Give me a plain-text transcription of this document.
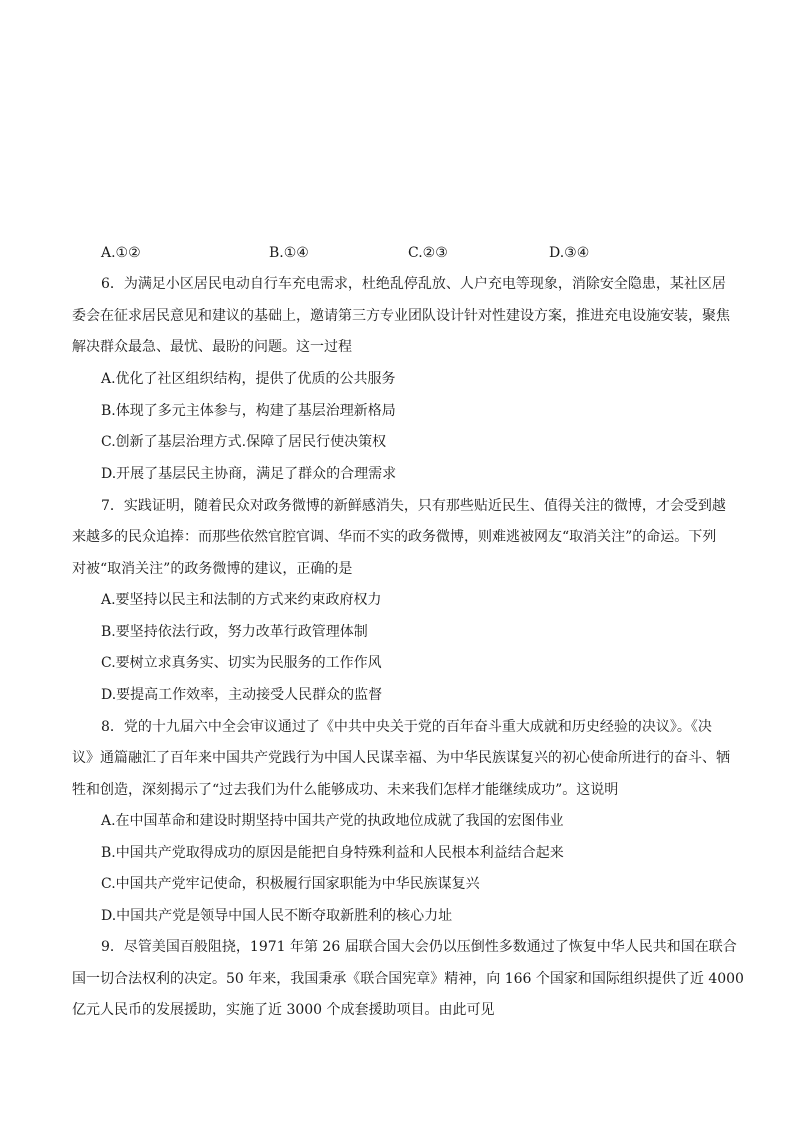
A.①②	B.①④	C.②③	D.③④
6．为满足小区居民电动自行车充电需求，杜绝乱停乱放、人户充电等现象，消除安全隐患，某社区居
委会在征求居民意见和建议的基础上，邀请第三方专业团队设计针对性建设方案，推进充电设施安装，聚焦
解决群众最急、最忧、最盼的问题。这一过程
A.优化了社区组织结构，提供了优质的公共服务
B.体现了多元主体参与，构建了基层治理新格局
C.创新了基层治理方式.保障了居民行使决策权
D.开展了基层民主协商，满足了群众的合理需求
7．实践证明，随着民众对政务微博的新鲜感消失，只有那些贴近民生、值得关注的微博，才会受到越
来越多的民众追捧：而那些依然官腔官调、华而不实的政务微博，则难逃被网友“取消关注”的命运。下列
对被“取消关注”的政务微博的建议，正确的是
A.要坚持以民主和法制的方式来约束政府权力
B.要坚持依法行政，努力改革行政管理体制
C.要树立求真务实、切实为民服务的工作作风
D.要提高工作效率，主动接受人民群众的监督
8．党的十九届六中全会审议通过了《中共中央关于党的百年奋斗重大成就和历史经验的决议》。《决
议》通篇融汇了百年来中国共产党践行为中国人民谋幸福、为中华民族谋复兴的初心使命所进行的奋斗、牺
牲和创造，深刻揭示了“过去我们为什么能够成功、未来我们怎样才能继续成功”。这说明
A.在中国革命和建设时期坚持中国共产党的执政地位成就了我国的宏图伟业
B.中国共产党取得成功的原因是能把自身特殊利益和人民根本利益结合起来
C.中国共产党牢记使命，积极履行国家职能为中华民族谋复兴
D.中国共产党是领导中国人民不断夺取新胜利的核心力址
9．尽管美国百般阻挠，1971 年第 26 届联合国大会仍以压倒性多数通过了恢复中华人民共和国在联合
国一切合法权利的决定。50 年来，我国秉承《联合国宪章》精神，向 166 个国家和国际组织提供了近 4000
亿元人民币的发展援助，实施了近 3000 个成套援助项目。由此可见
